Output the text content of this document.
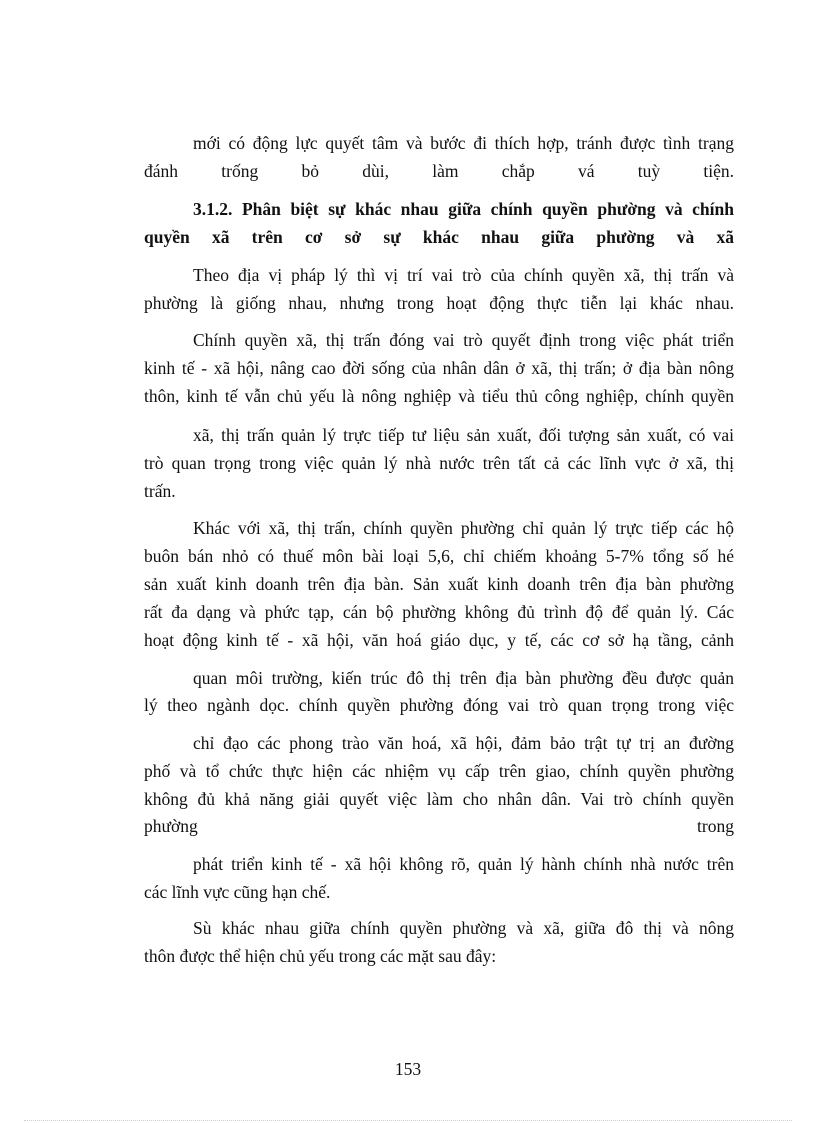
mới có động lực quyết tâm và bước đi thích hợp, tránh được tình trạng
đánh trống bỏ dùi, làm chắp vá tuỳ tiện.
3.1.2. Phân biệt sự khác nhau giữa chính quyền phường và chính
quyền xã trên cơ sở sự khác nhau giữa phường và xã
Theo địa vị pháp lý thì vị trí vai trò của chính quyền xã, thị trấn và
phường là giống nhau, nhưng trong hoạt động thực tiễn lại khác nhau.
Chính quyền xã, thị trấn đóng vai trò quyết định trong việc phát triển
kinh tế - xã hội, nâng cao đời sống của nhân dân ở xã, thị trấn; ở địa bàn nông
thôn, kinh tế vẫn chủ yếu là nông nghiệp và tiểu thủ công nghiệp, chính quyền
xã, thị trấn quản lý trực tiếp tư liệu sản xuất, đối tượng sản xuất, có vai
trò quan trọng trong việc quản lý nhà nước trên tất cả các lĩnh vực ở xã, thị
trấn.
Khác với xã, thị trấn, chính quyền phường chỉ quản lý trực tiếp các hộ
buôn bán nhỏ có thuế môn bài loại 5,6, chỉ chiếm khoảng 5-7% tổng số hé
sản xuất kinh doanh trên địa bàn. Sản xuất kinh doanh trên địa bàn phường
rất đa dạng và phức tạp, cán bộ phường không đủ trình độ để quản lý. Các
hoạt động kinh tế - xã hội, văn hoá giáo dục, y tế, các cơ sở hạ tầng, cảnh
quan môi trường, kiến trúc đô thị trên địa bàn phường đều được quản
lý theo ngành dọc. chính quyền phường đóng vai trò quan trọng trong việc
chỉ đạo các phong trào văn hoá, xã hội, đảm bảo trật tự trị an đường
phố và tổ chức thực hiện các nhiệm vụ cấp trên giao, chính quyền phường
không đủ khả năng giải quyết việc làm cho nhân dân. Vai trò chính quyền
phường trong
phát triển kinh tế - xã hội không rõ, quản lý hành chính nhà nước trên
các lĩnh vực cũng hạn chế.
Sù khác nhau giữa chính quyền phường và xã, giữa đô thị và nông
thôn được thể hiện chủ yếu trong các mặt sau đây:
153
